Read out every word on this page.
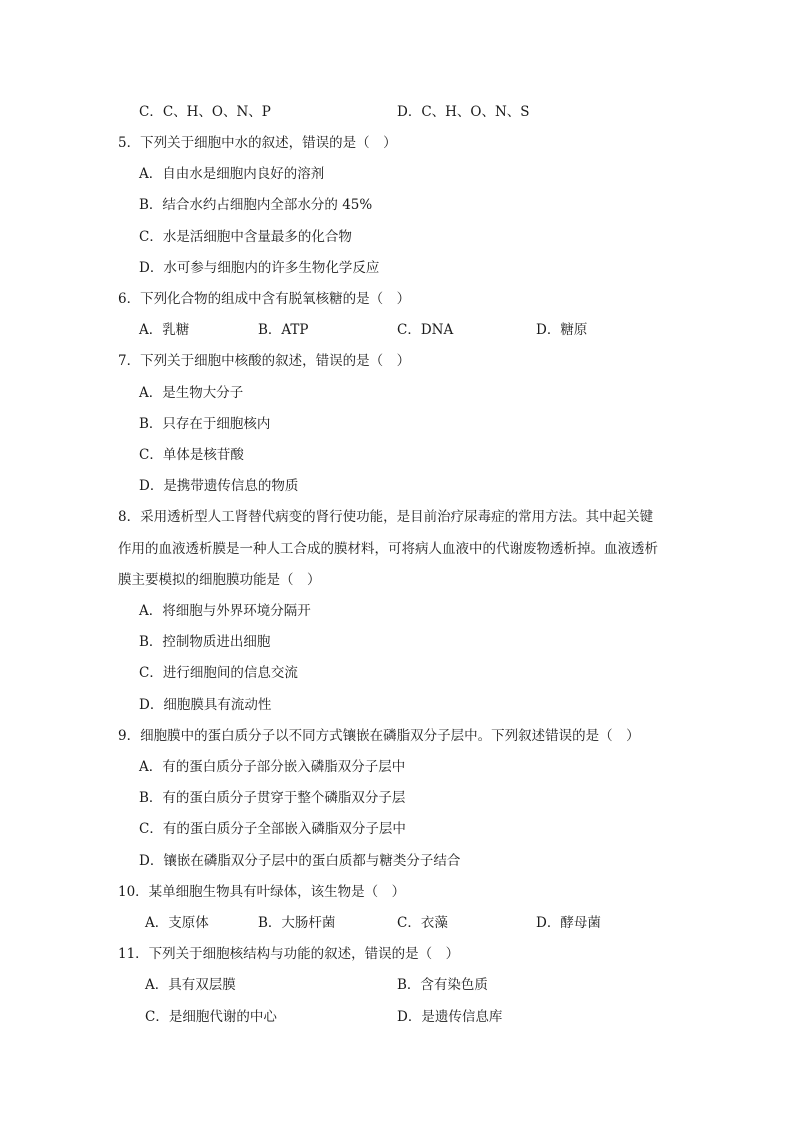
C．C、H、O、N、P	D．C、H、O、N、S
5．下列关于细胞中水的叙述，错误的是（　）
A．自由水是细胞内良好的溶剂
B．结合水约占细胞内全部水分的 45%
C．水是活细胞中含量最多的化合物
D．水可参与细胞内的许多生物化学反应
6．下列化合物的组成中含有脱氧核糖的是（　）
A．乳糖	B．ATP	C．DNA	D．糖原
7．下列关于细胞中核酸的叙述，错误的是（　）
A．是生物大分子
B．只存在于细胞核内
C．单体是核苷酸
D．是携带遗传信息的物质
8．采用透析型人工肾替代病变的肾行使功能，是目前治疗尿毒症的常用方法。其中起关键
作用的血液透析膜是一种人工合成的膜材料，可将病人血液中的代谢废物透析掉。血液透析
膜主要模拟的细胞膜功能是（　）
A．将细胞与外界环境分隔开
B．控制物质进出细胞
C．进行细胞间的信息交流
D．细胞膜具有流动性
9．细胞膜中的蛋白质分子以不同方式镶嵌在磷脂双分子层中。下列叙述错误的是（　）
A．有的蛋白质分子部分嵌入磷脂双分子层中
B．有的蛋白质分子贯穿于整个磷脂双分子层
C．有的蛋白质分子全部嵌入磷脂双分子层中
D．镶嵌在磷脂双分子层中的蛋白质都与糖类分子结合
10．某单细胞生物具有叶绿体，该生物是（　）
A．支原体	B．大肠杆菌	C．衣藻	D．酵母菌
11．下列关于细胞核结构与功能的叙述，错误的是（　）
A．具有双层膜	B．含有染色质
C．是细胞代谢的中心	D．是遗传信息库
